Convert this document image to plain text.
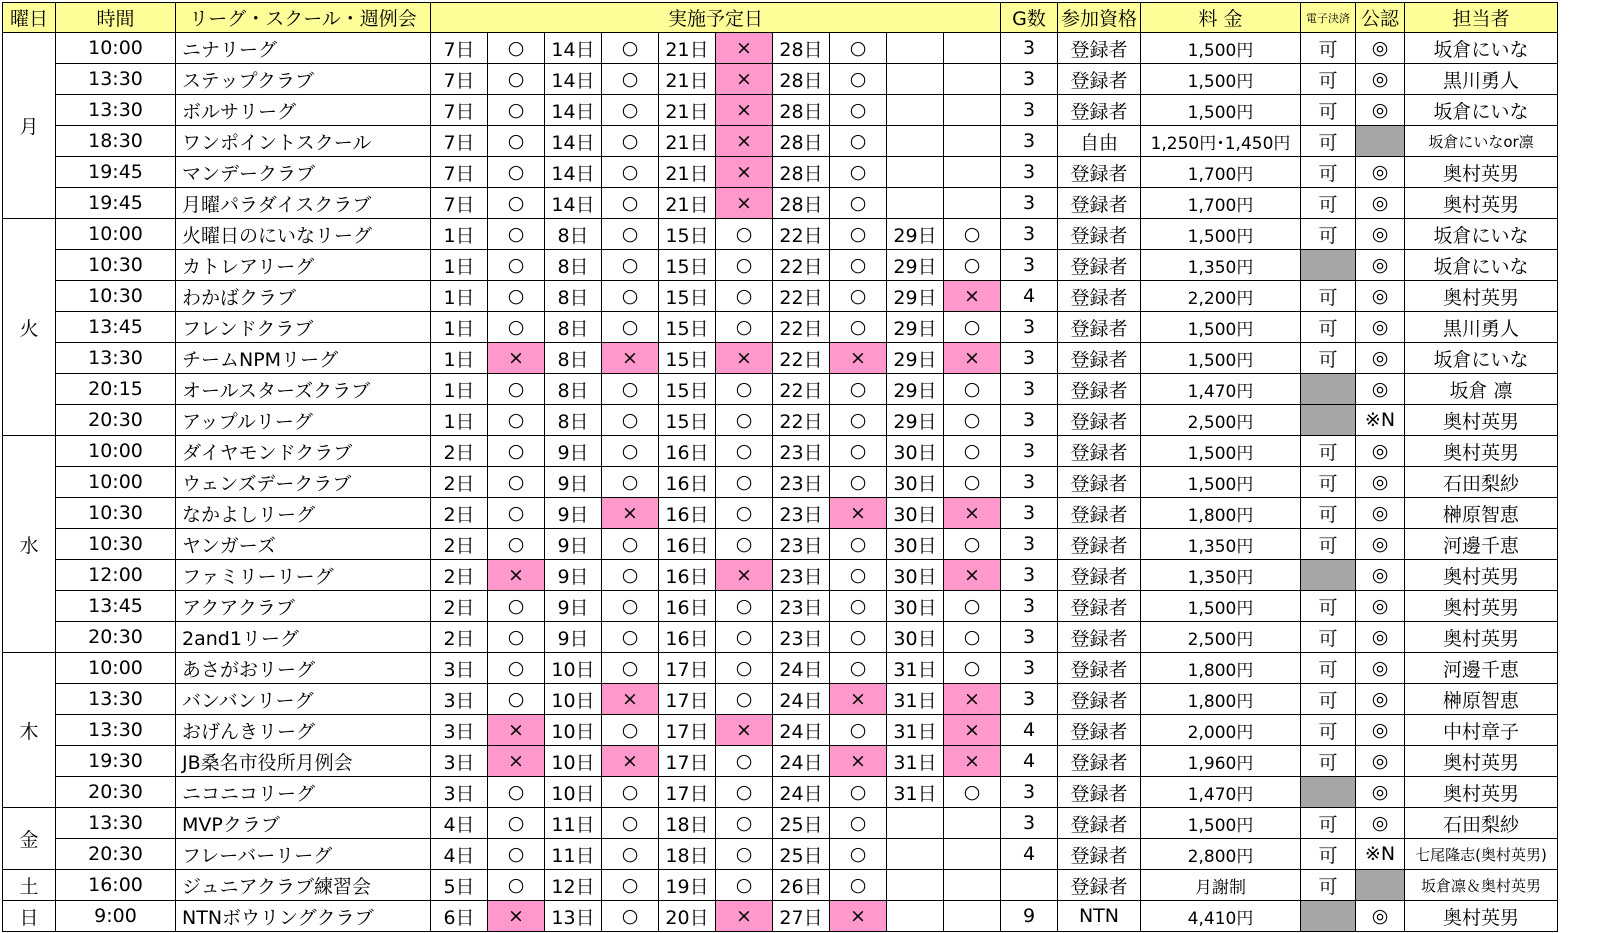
曜日	時間	リーグ・スクール・週例会	実施予定日										G数	参加資格	料 金	電子決済	公認	担当者
月	10:00	ニナリーグ	7日	○	14日	○	21日	×	28日	○			3	登録者	1,500円	可	◎	坂倉にいな
	13:30	ステップクラブ	7日	○	14日	○	21日	×	28日	○			3	登録者	1,500円	可	◎	黒川勇人
	13:30	ボルサリーグ	7日	○	14日	○	21日	×	28日	○			3	登録者	1,500円	可	◎	坂倉にいな
	18:30	ワンポイントスクール	7日	○	14日	○	21日	×	28日	○			3	自由	1,250円･1,450円	可		坂倉にいなor凛
	19:45	マンデークラブ	7日	○	14日	○	21日	×	28日	○			3	登録者	1,700円	可	◎	奥村英男
	19:45	月曜パラダイスクラブ	7日	○	14日	○	21日	×	28日	○			3	登録者	1,700円	可	◎	奥村英男
火	10:00	火曜日のにいなリーグ	1日	○	8日	○	15日	○	22日	○	29日	○	3	登録者	1,500円	可	◎	坂倉にいな
	10:30	カトレアリーグ	1日	○	8日	○	15日	○	22日	○	29日	○	3	登録者	1,350円		◎	坂倉にいな
	10:30	わかばクラブ	1日	○	8日	○	15日	○	22日	○	29日	×	4	登録者	2,200円	可	◎	奥村英男
	13:45	フレンドクラブ	1日	○	8日	○	15日	○	22日	○	29日	○	3	登録者	1,500円	可	◎	黒川勇人
	13:30	チームNPMリーグ	1日	×	8日	×	15日	×	22日	×	29日	×	3	登録者	1,500円	可	◎	坂倉にいな
	20:15	オールスターズクラブ	1日	○	8日	○	15日	○	22日	○	29日	○	3	登録者	1,470円		◎	坂倉 凛
	20:30	アップルリーグ	1日	○	8日	○	15日	○	22日	○	29日	○	3	登録者	2,500円		※N	奥村英男
水	10:00	ダイヤモンドクラブ	2日	○	9日	○	16日	○	23日	○	30日	○	3	登録者	1,500円	可	◎	奥村英男
	10:00	ウェンズデークラブ	2日	○	9日	○	16日	○	23日	○	30日	○	3	登録者	1,500円	可	◎	石田梨紗
	10:30	なかよしリーグ	2日	○	9日	×	16日	○	23日	×	30日	×	3	登録者	1,800円	可	◎	榊原智恵
	10:30	ヤンガーズ	2日	○	9日	○	16日	○	23日	○	30日	○	3	登録者	1,350円	可	◎	河邊千恵
	12:00	ファミリーリーグ	2日	×	9日	○	16日	×	23日	○	30日	×	3	登録者	1,350円		◎	奥村英男
	13:45	アクアクラブ	2日	○	9日	○	16日	○	23日	○	30日	○	3	登録者	1,500円	可	◎	奥村英男
	20:30	2and1リーグ	2日	○	9日	○	16日	○	23日	○	30日	○	3	登録者	2,500円	可	◎	奥村英男
木	10:00	あさがおリーグ	3日	○	10日	○	17日	○	24日	○	31日	○	3	登録者	1,800円	可	◎	河邊千恵
	13:30	バンバンリーグ	3日	○	10日	×	17日	○	24日	×	31日	×	3	登録者	1,800円	可	◎	榊原智恵
	13:30	おげんきリーグ	3日	×	10日	○	17日	×	24日	○	31日	×	4	登録者	2,000円	可	◎	中村章子
	19:30	JB桑名市役所月例会	3日	×	10日	×	17日	○	24日	×	31日	×	4	登録者	1,960円	可	◎	奥村英男
	20:30	ニコニコリーグ	3日	○	10日	○	17日	○	24日	○	31日	○	3	登録者	1,470円		◎	奥村英男
金	13:30	MVPクラブ	4日	○	11日	○	18日	○	25日	○			3	登録者	1,500円	可	◎	石田梨紗
	20:30	フレーバーリーグ	4日	○	11日	○	18日	○	25日	○			4	登録者	2,800円	可	※N	七尾隆志(奥村英男)
土	16:00	ジュニアクラブ練習会	5日	○	12日	○	19日	○	26日	○				登録者	月謝制	可		坂倉凛＆奥村英男
日	9:00	NTNボウリングクラブ	6日	×	13日	○	20日	×	27日	×			9	NTN	4,410円		◎	奥村英男
